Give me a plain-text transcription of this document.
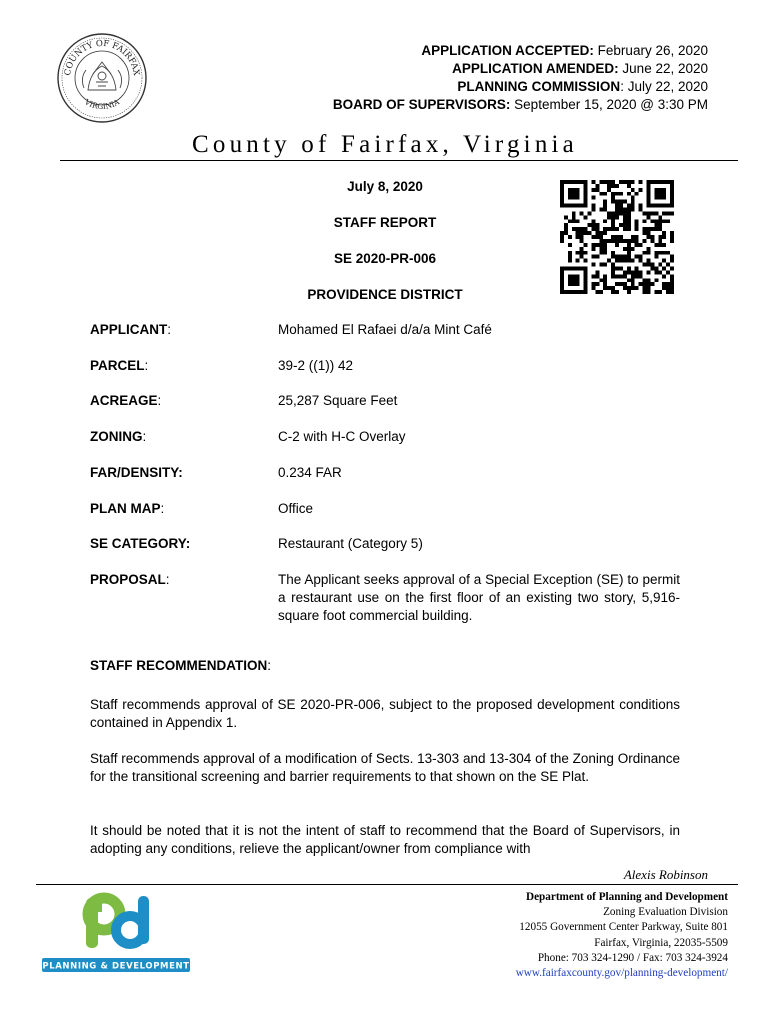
COUNTY OF FAIRFAX
VIRGINIA
APPLICATION ACCEPTED: February 26, 2020
APPLICATION AMENDED: June 22, 2020
PLANNING COMMISSION: July 22, 2020
BOARD OF SUPERVISORS: September 15, 2020 @ 3:30 PM
County of Fairfax, Virginia
July 8, 2020
STAFF REPORT
SE 2020-PR-006
PROVIDENCE DISTRICT
APPLICANT:	Mohamed El Rafaei d/a/a Mint Café
PARCEL:	39-2 ((1)) 42
ACREAGE:	25,287 Square Feet
ZONING:	C-2 with H-C Overlay
FAR/DENSITY:	0.234 FAR
PLAN MAP:	Office
SE CATEGORY:	Restaurant (Category 5)
PROPOSAL:	The Applicant seeks approval of a Special Exception (SE) to permit a restaurant use on the first floor of an existing two story, 5,916-square foot commercial building.
STAFF RECOMMENDATION:
Staff recommends approval of SE 2020-PR-006, subject to the proposed development conditions contained in Appendix 1.
Staff recommends approval of a modification of Sects. 13-303 and 13-304 of the Zoning Ordinance for the transitional screening and barrier requirements to that shown on the SE Plat.
It should be noted that it is not the intent of staff to recommend that the Board of Supervisors, in adopting any conditions, relieve the applicant/owner from compliance with
Alexis Robinson
PLANNING & DEVELOPMENT
Department of Planning and Development
Zoning Evaluation Division
12055 Government Center Parkway, Suite 801
Fairfax, Virginia, 22035-5509
Phone: 703 324-1290 / Fax: 703 324-3924
www.fairfaxcounty.gov/planning-development/
